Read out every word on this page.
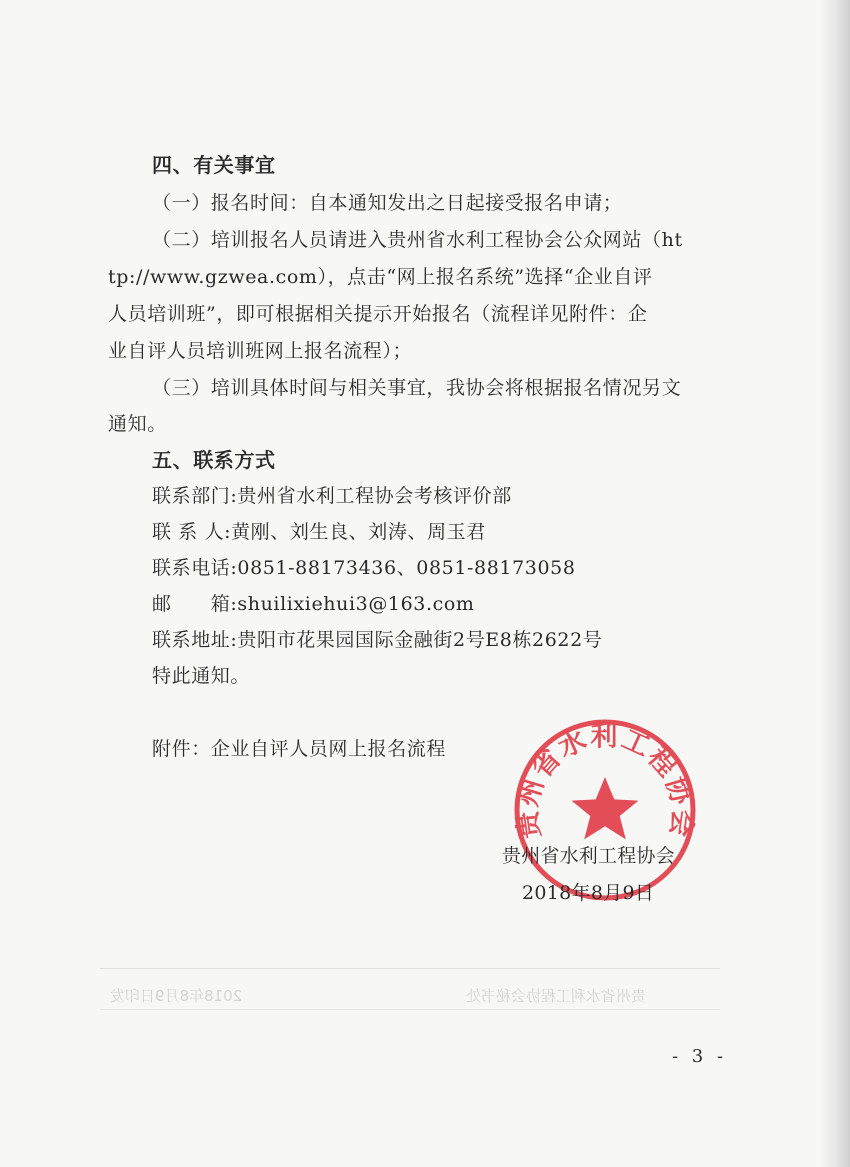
四、有关事宜
（一）报名时间：自本通知发出之日起接受报名申请；
（二）培训报名人员请进入贵州省水利工程协会公众网站（ht
tp://www.gzwea.com），点击“网上报名系统”选择“企业自评
人员培训班”，即可根据相关提示开始报名（流程详见附件：企
业自评人员培训班网上报名流程）；
（三）培训具体时间与相关事宜，我协会将根据报名情况另文
通知。
五、联系方式
联系部门:贵州省水利工程协会考核评价部
联 系 人:黄刚、刘生良、刘涛、周玉君
联系电话:0851-88173436、0851-88173058
邮　　箱:shuilixiehui3@163.com
联系地址:贵阳市花果园国际金融街2号E8栋2622号
特此通知。
附件：企业自评人员网上报名流程
贵州省水利工程协会
贵州省水利工程协会
2018年8月9日
2018年8月9日印发	贵州省水利工程协会秘书处
- 3 -
